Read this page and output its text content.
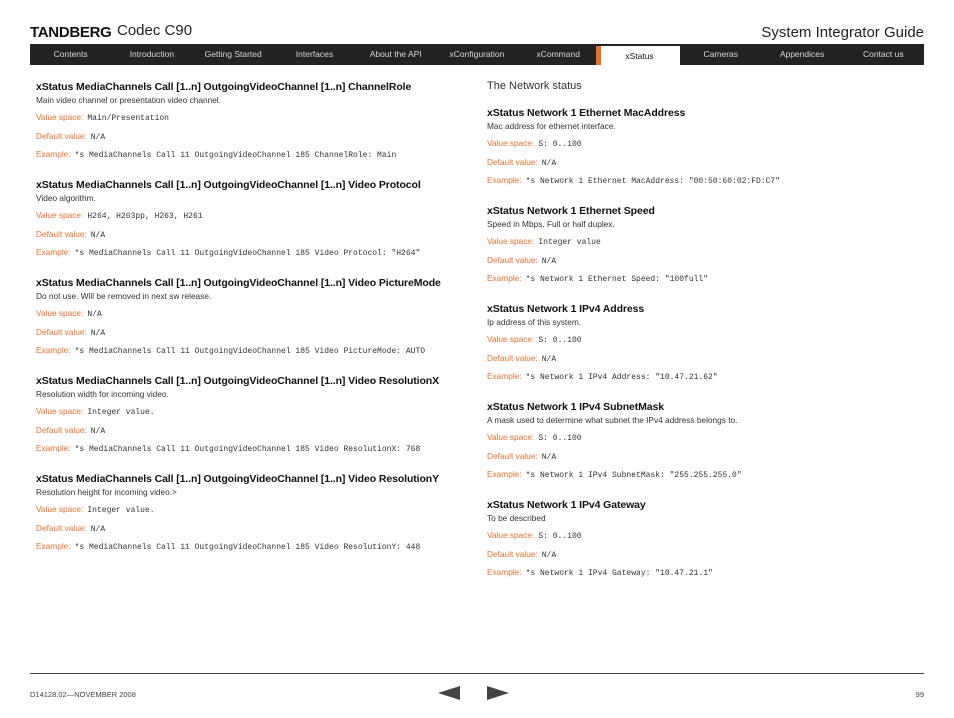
TANDBERG Codec C90	System Integrator Guide
Contents	Introduction	Getting Started	Interfaces	About the API	xConfiguration	xCommand	xStatus	Cameras	Appendices	Contact us
xStatus MediaChannels Call [1..n] OutgoingVideoChannel [1..n] ChannelRole
Main video channel or presentation video channel.
Value space: Main/Presentation
Default value: N/A
Example: *s MediaChannels Call 11 OutgoingVideoChannel 185 ChannelRole: Main
xStatus MediaChannels Call [1..n] OutgoingVideoChannel [1..n] Video Protocol
Video algorithm.
Value space: H264, H263pp, H263, H261
Default value: N/A
Example: *s MediaChannels Call 11 OutgoingVideoChannel 185 Video Protocol: "H264"
xStatus MediaChannels Call [1..n] OutgoingVideoChannel [1..n] Video PictureMode
Do not use. Will be removed in next sw release.
Value space: N/A
Default value: N/A
Example: *s MediaChannels Call 11 OutgoingVideoChannel 185 Video PictureMode: AUTO
xStatus MediaChannels Call [1..n] OutgoingVideoChannel [1..n] Video ResolutionX
Resolution width for incoming video.
Value space: Integer value.
Default value: N/A
Example: *s MediaChannels Call 11 OutgoingVideoChannel 185 Video ResolutionX: 768
xStatus MediaChannels Call [1..n] OutgoingVideoChannel [1..n] Video ResolutionY
Resolution height for incoming video.>
Value space: Integer value.
Default value: N/A
Example: *s MediaChannels Call 11 OutgoingVideoChannel 185 Video ResolutionY: 448
The Network status
xStatus Network 1 Ethernet MacAddress
Mac address for ethernet interface.
Value space: S: 0..100
Default value: N/A
Example: *s Network 1 Ethernet MacAddress: "00:50:60:02:FD:C7"
xStatus Network 1 Ethernet Speed
Speed in Mbps. Full or half duplex.
Value space: Integer value
Default value: N/A
Example: *s Network 1 Ethernet Speed: "100full"
xStatus Network 1 IPv4 Address
Ip address of this system.
Value space: S: 0..100
Default value: N/A
Example: *s Network 1 IPv4 Address: "10.47.21.62"
xStatus Network 1 IPv4 SubnetMask
A mask used to determine what subnet the IPv4 address belongs to.
Value space: S: 0..100
Default value: N/A
Example: *s Network 1 IPv4 SubnetMask: "255.255.255.0"
xStatus Network 1 IPv4 Gateway
To be described
Value space: S: 0..100
Default value: N/A
Example: *s Network 1 IPv4 Gateway: "10.47.21.1"
D14128.02—NOVEMBER 2008	99
